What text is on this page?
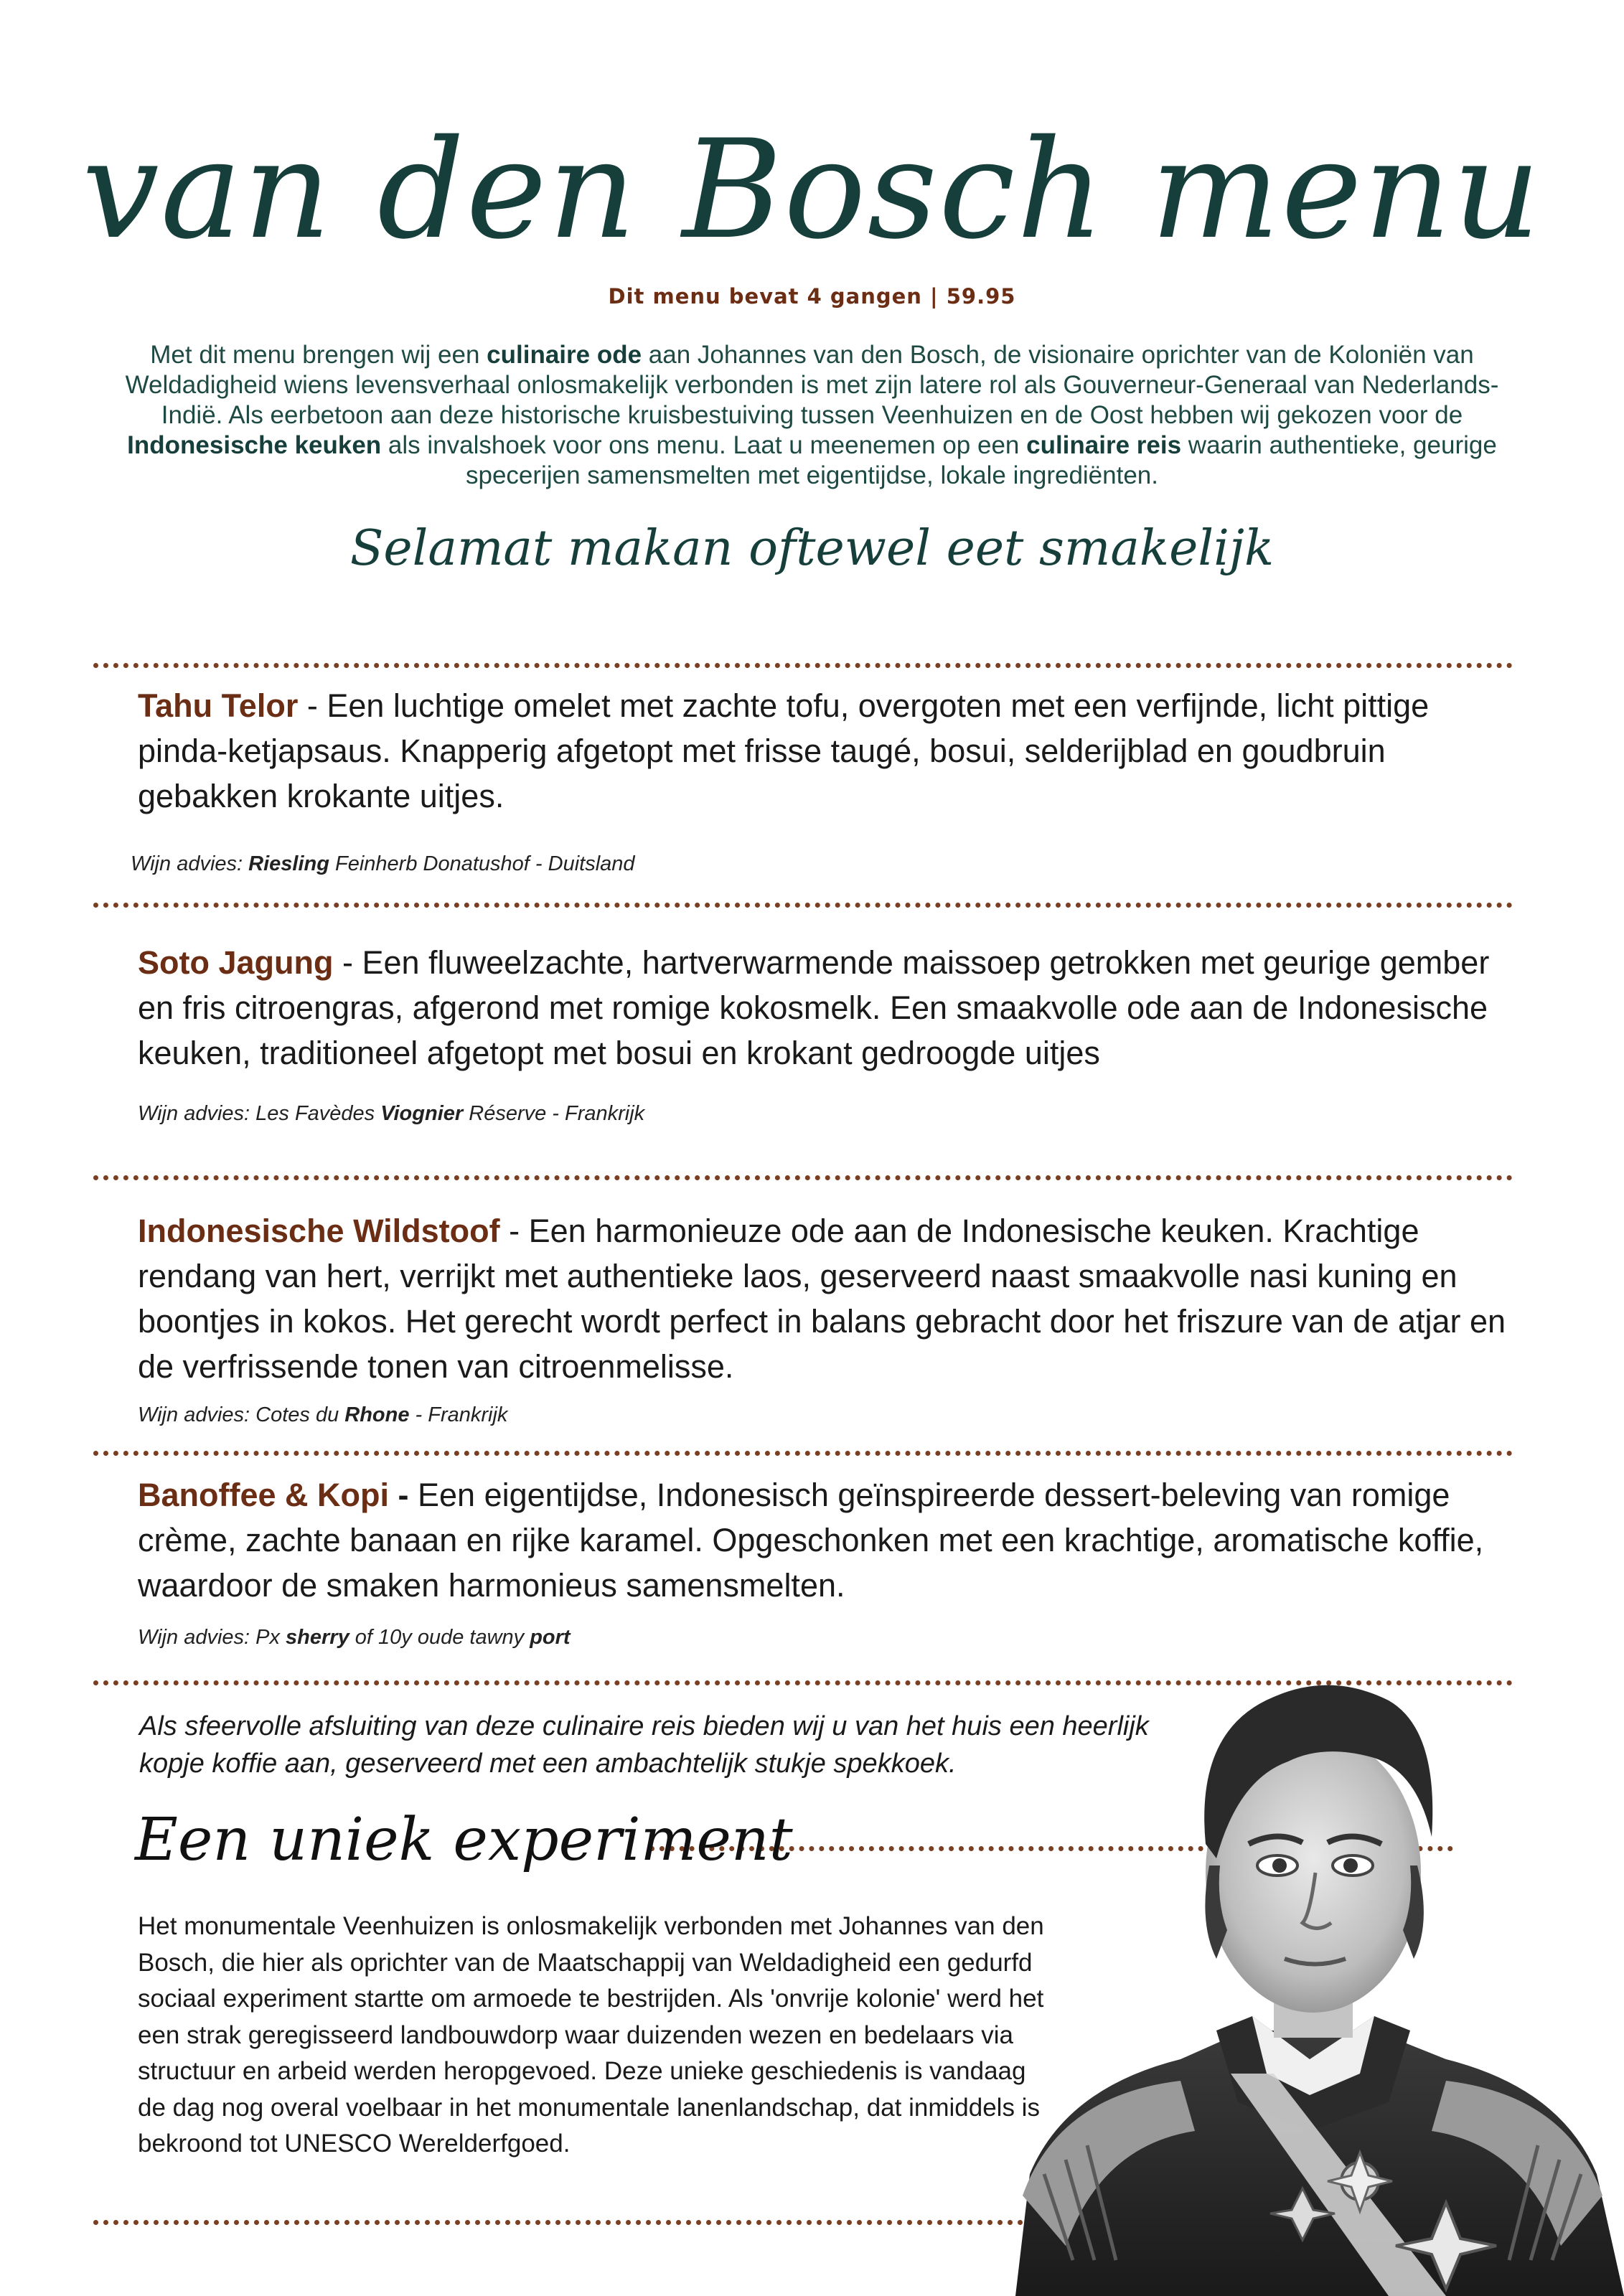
van den Bosch menu
Dit menu bevat 4 gangen | 59.95
Met dit menu brengen wij een culinaire ode aan Johannes van den Bosch, de visionaire oprichter van de Koloniën van Weldadigheid wiens levensverhaal onlosmakelijk verbonden is met zijn latere rol als Gouverneur-Generaal van Nederlands-Indië. Als eerbetoon aan deze historische kruisbestuiving tussen Veenhuizen en de Oost hebben wij gekozen voor de Indonesische keuken als invalshoek voor ons menu. Laat u meenemen op een culinaire reis waarin authentieke, geurige specerijen samensmelten met eigentijdse, lokale ingrediënten.
Selamat makan oftewel eet smakelijk
Tahu Telor - Een luchtige omelet met zachte tofu, overgoten met een verfijnde, licht pittige pinda-ketjapsaus. Knapperig afgetopt met frisse taugé, bosui, selderijblad en goudbruin gebakken krokante uitjes.
Wijn advies: Riesling Feinherb Donatushof - Duitsland
Soto Jagung - Een fluweelzachte, hartverwarmende maissoep getrokken met geurige gember en fris citroengras, afgerond met romige kokosmelk. Een smaakvolle ode aan de Indonesische keuken, traditioneel afgetopt met bosui en krokant gedroogde uitjes
Wijn advies: Les Favèdes Viognier Réserve - Frankrijk
Indonesische Wildstoof - Een harmonieuze ode aan de Indonesische keuken. Krachtige rendang van hert, verrijkt met authentieke laos, geserveerd naast smaakvolle nasi kuning en boontjes in kokos. Het gerecht wordt perfect in balans gebracht door het friszure van de atjar en de verfrissende tonen van citroenmelisse.
Wijn advies: Cotes du Rhone - Frankrijk
Banoffee & Kopi - Een eigentijdse, Indonesisch geïnspireerde dessert-beleving van romige crème, zachte banaan en rijke karamel. Opgeschonken met een krachtige, aromatische koffie, waardoor de smaken harmonieus samensmelten.
Wijn advies: Px sherry of 10y oude tawny port
Als sfeervolle afsluiting van deze culinaire reis bieden wij u van het huis een heerlijk kopje koffie aan, geserveerd met een ambachtelijk stukje spekkoek.
Een uniek experiment
Het monumentale Veenhuizen is onlosmakelijk verbonden met Johannes van den Bosch, die hier als oprichter van de Maatschappij van Weldadigheid een gedurfd sociaal experiment startte om armoede te bestrijden. Als 'onvrije kolonie' werd het een strak geregisseerd landbouwdorp waar duizenden wezen en bedelaars via structuur en arbeid werden heropgevoed. Deze unieke geschiedenis is vandaag de dag nog overal voelbaar in het monumentale lanenlandschap, dat inmiddels is bekroond tot UNESCO Werelderfgoed.
